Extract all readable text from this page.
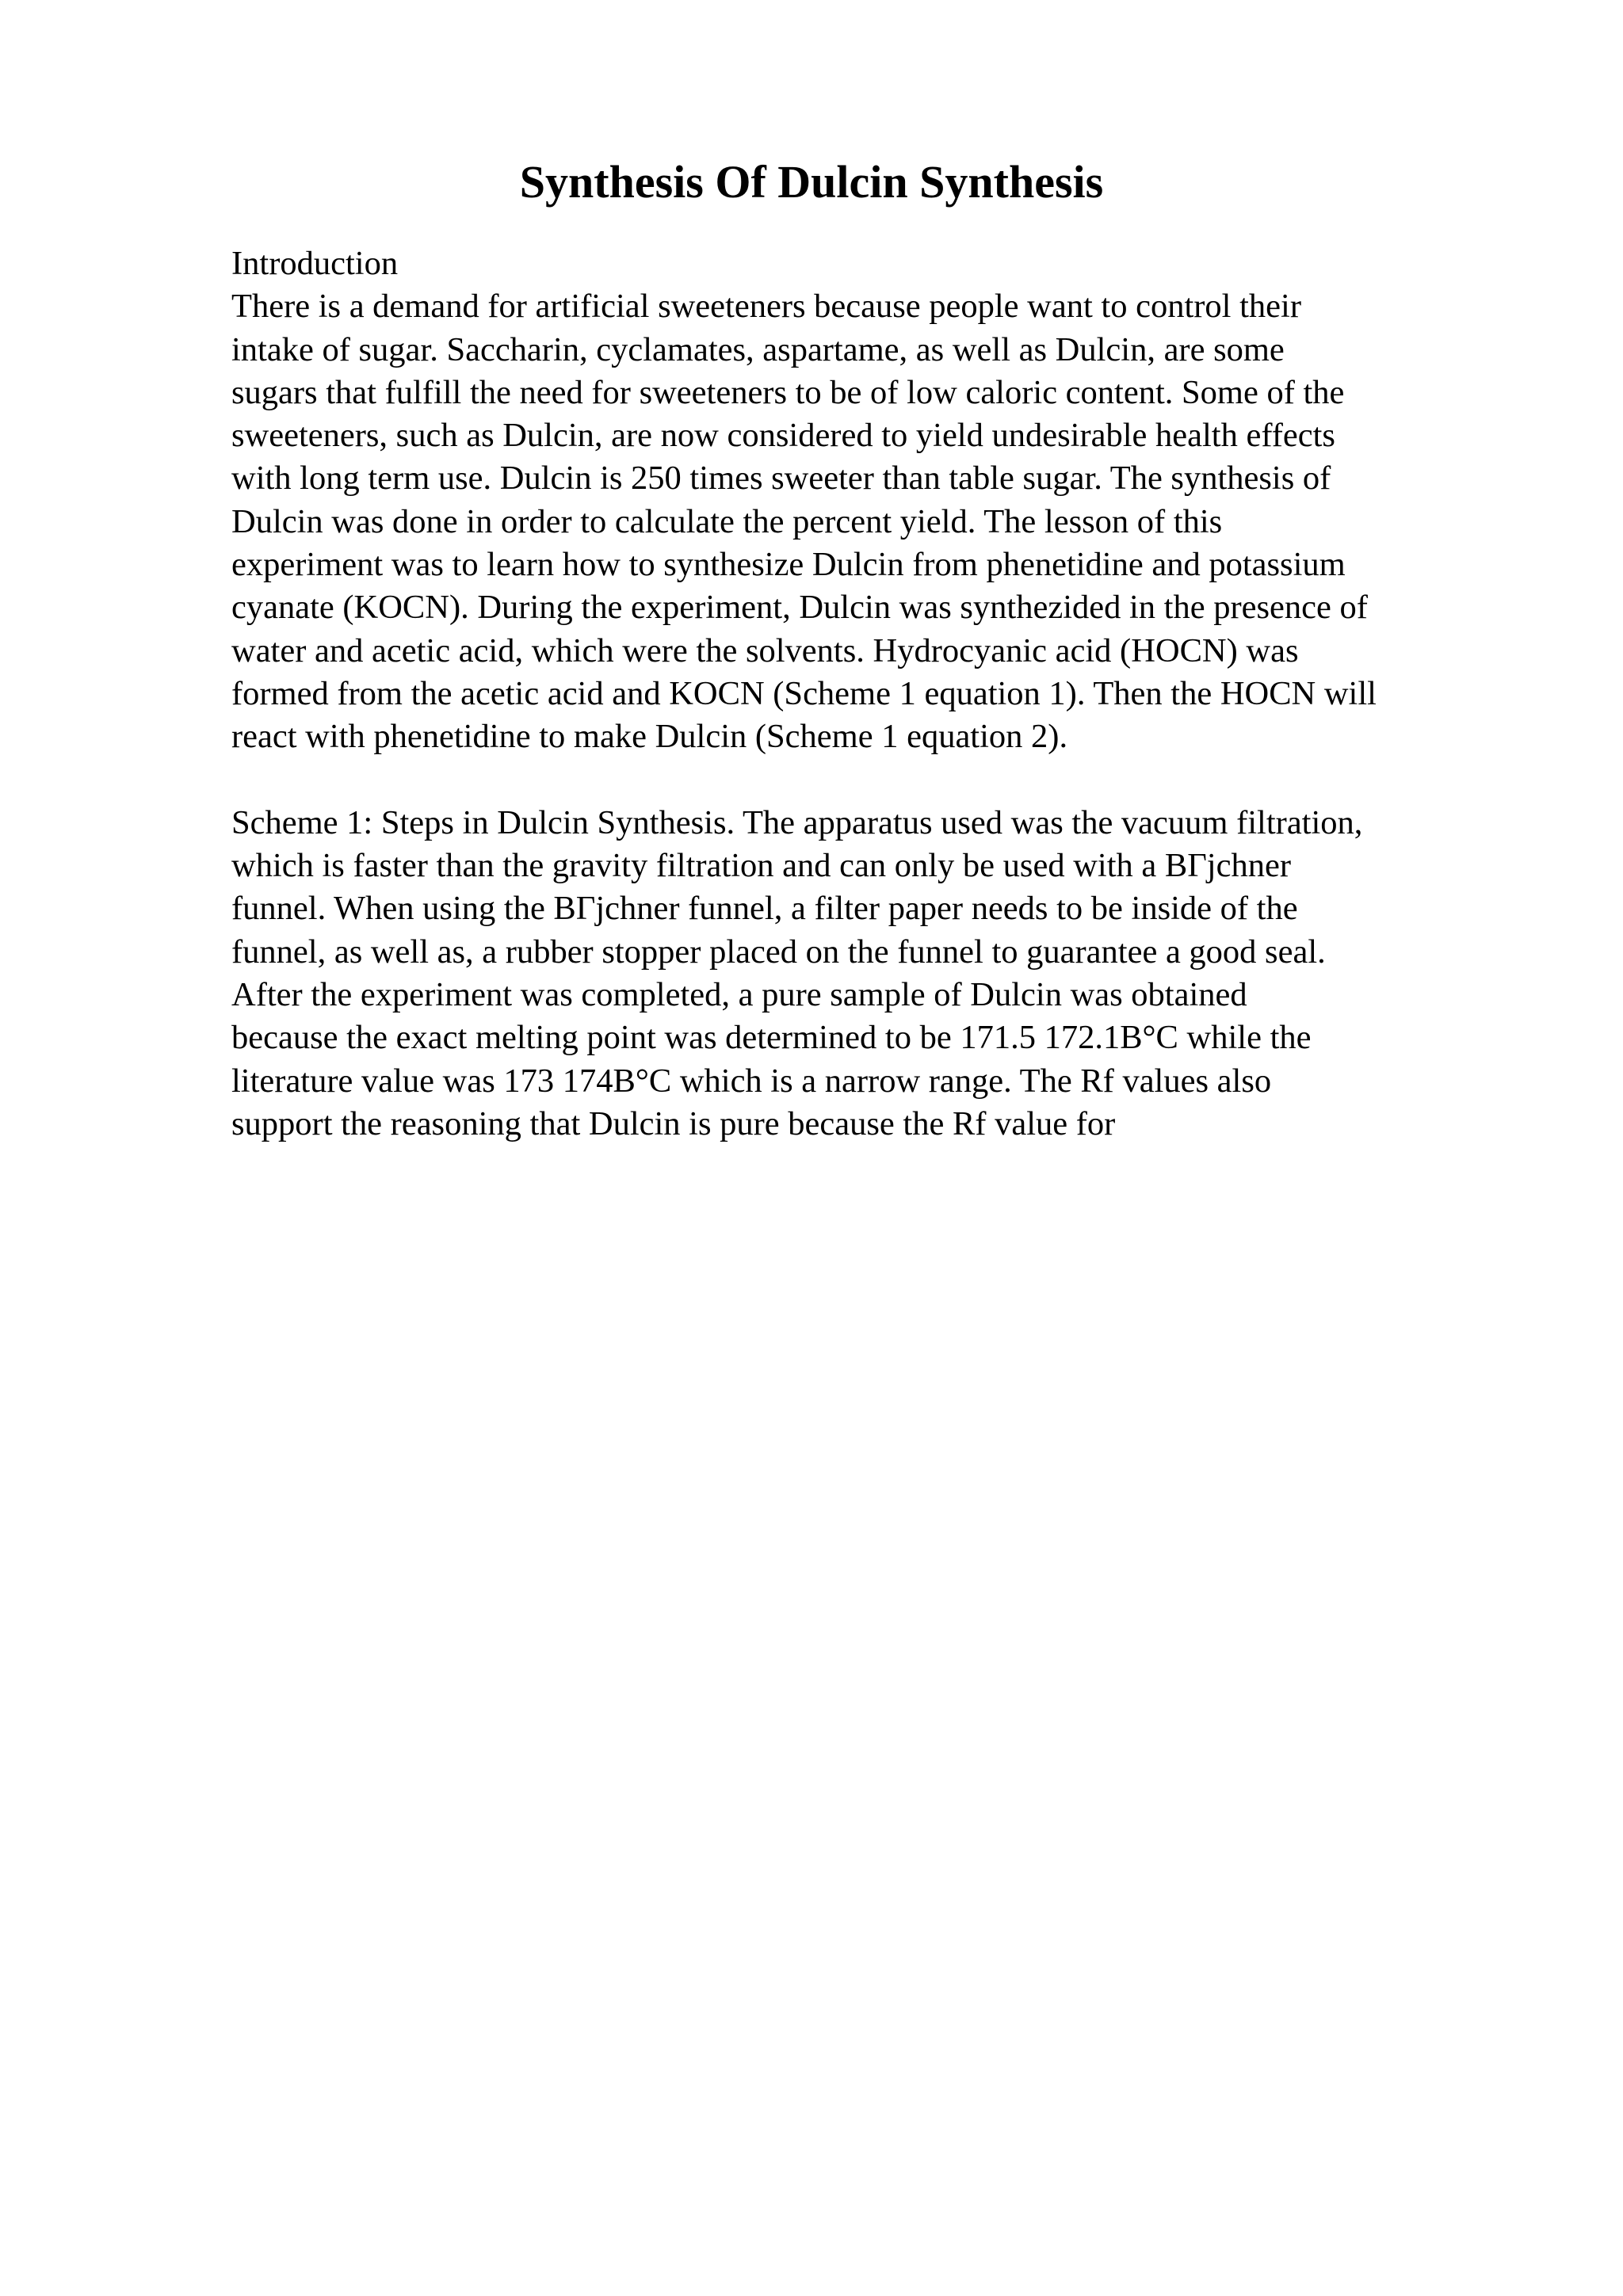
Synthesis Of Dulcin Synthesis

Introduction

There is a demand for artificial sweeteners because people want to control their

intake of sugar. Saccharin, cyclamates, aspartame, as well as Dulcin, are some

sugars that fulfill the need for sweeteners to be of low caloric content. Some of the

sweeteners, such as Dulcin, are now considered to yield undesirable health effects

with long term use. Dulcin is 250 times sweeter than table sugar. The synthesis of

Dulcin was done in order to calculate the percent yield. The lesson of this

experiment was to learn how to synthesize Dulcin from phenetidine and potassium

cyanate (KOCN). During the experiment, Dulcin was synthezided in the presence of

water and acetic acid, which were the solvents. Hydrocyanic acid (HOCN) was

formed from the acetic acid and KOCN (Scheme 1 equation 1). Then the HOCN will

react with phenetidine to make Dulcin (Scheme 1 equation 2).

Scheme 1: Steps in Dulcin Synthesis. The apparatus used was the vacuum filtration,

which is faster than the gravity filtration and can only be used with a BΓjchner

funnel. When using the BΓjchner funnel, a filter paper needs to be inside of the

funnel, as well as, a rubber stopper placed on the funnel to guarantee a good seal.

After the experiment was completed, a pure sample of Dulcin was obtained

because the exact melting point was determined to be 171.5 172.1B°C while the

literature value was 173 174B°C which is a narrow range. The Rf values also

support the reasoning that Dulcin is pure because the Rf value for
